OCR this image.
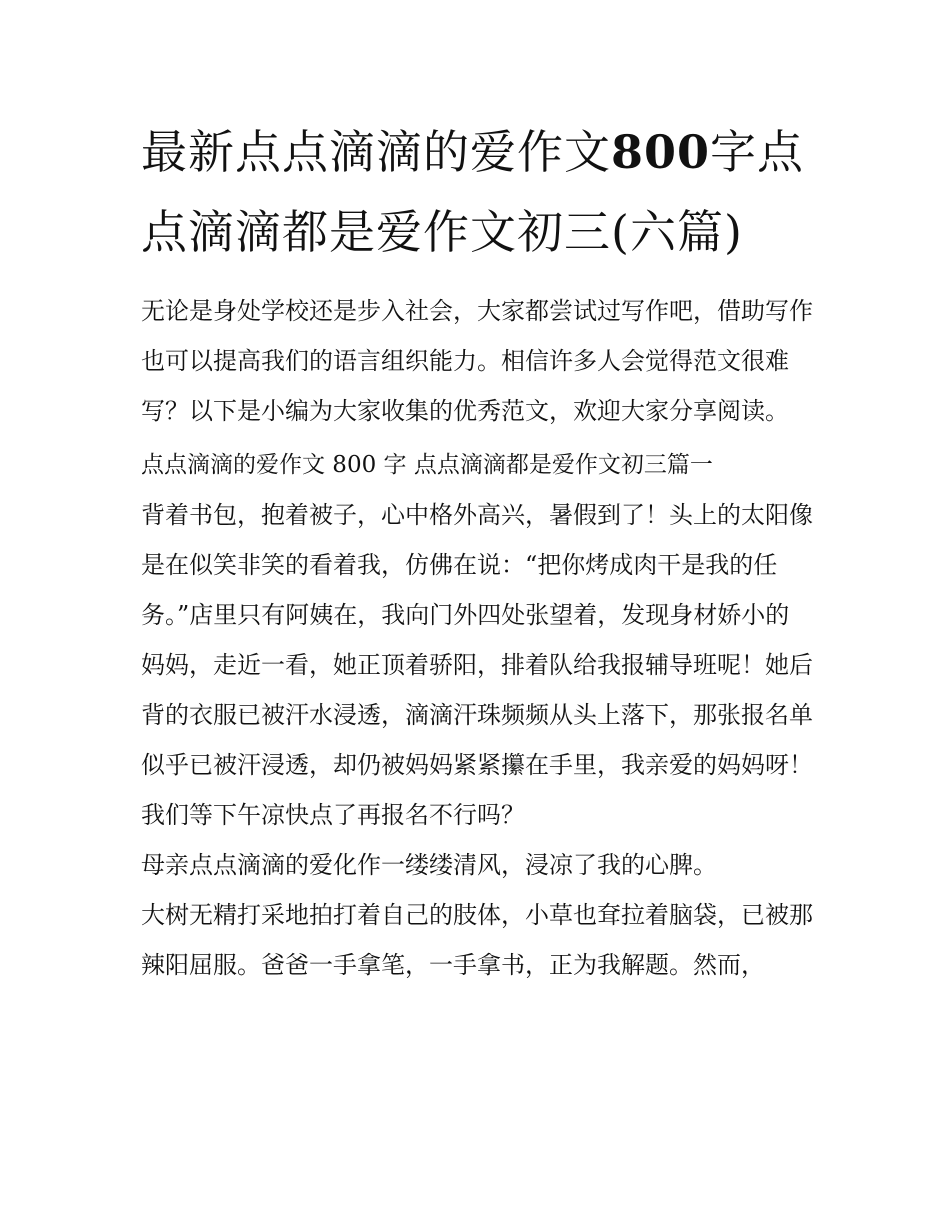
最新点点滴滴的爱作文800字点点滴滴都是爱作文初三(六篇)

无论是身处学校还是步入社会，大家都尝试过写作吧，借助写作也可以提高我们的语言组织能力。相信许多人会觉得范文很难写？以下是小编为大家收集的优秀范文，欢迎大家分享阅读。

点点滴滴的爱作文 800 字 点点滴滴都是爱作文初三篇一

背着书包，抱着被子，心中格外高兴，暑假到了！头上的太阳像是在似笑非笑的看着我，仿佛在说：“把你烤成肉干是我的任务。”店里只有阿姨在，我向门外四处张望着，发现身材娇小的妈妈，走近一看，她正顶着骄阳，排着队给我报辅导班呢！她后背的衣服已被汗水浸透，滴滴汗珠频频从头上落下，那张报名单似乎已被汗浸透，却仍被妈妈紧紧攥在手里，我亲爱的妈妈呀！我们等下午凉快点了再报名不行吗？

母亲点点滴滴的爱化作一缕缕清风，浸凉了我的心脾。

大树无精打采地拍打着自己的肢体，小草也耷拉着脑袋，已被那辣阳屈服。爸爸一手拿笔，一手拿书，正为我解题。然而，
